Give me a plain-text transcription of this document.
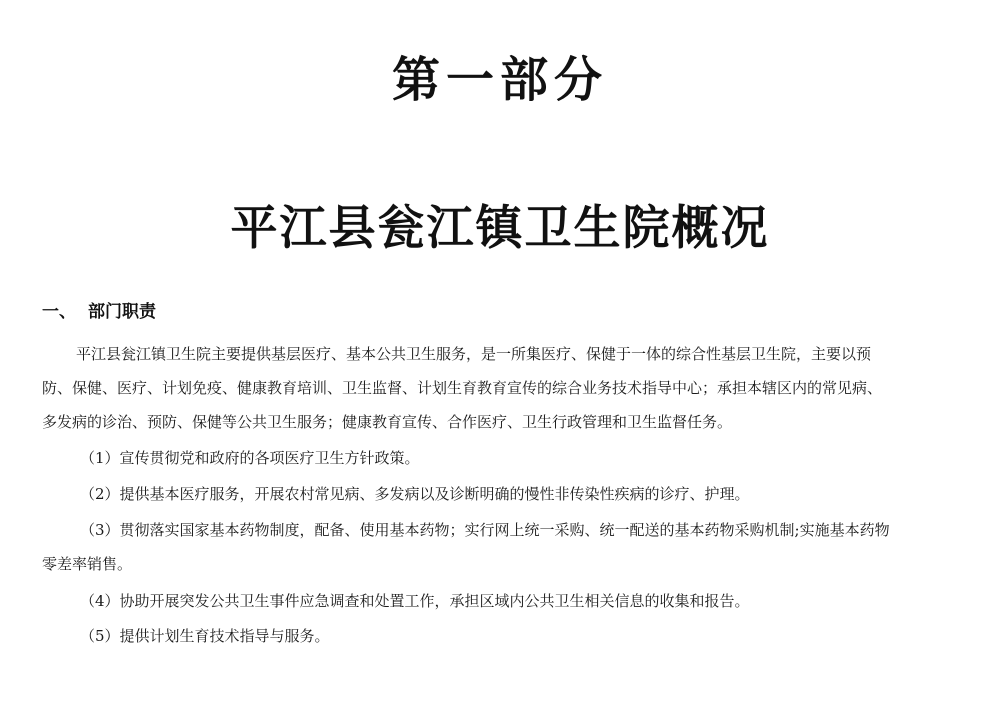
第一部分
平江县瓮江镇卫生院概况
一、 部门职责
平江县瓮江镇卫生院主要提供基层医疗、基本公共卫生服务，是一所集医疗、保健于一体的综合性基层卫生院，主要以预
防、保健、医疗、计划免疫、健康教育培训、卫生监督、计划生育教育宣传的综合业务技术指导中心；承担本辖区内的常见病、
多发病的诊治、预防、保健等公共卫生服务；健康教育宣传、合作医疗、卫生行政管理和卫生监督任务。
（1）宣传贯彻党和政府的各项医疗卫生方针政策。
（2）提供基本医疗服务，开展农村常见病、多发病以及诊断明确的慢性非传染性疾病的诊疗、护理。
（3）贯彻落实国家基本药物制度，配备、使用基本药物；实行网上统一采购、统一配送的基本药物采购机制;实施基本药物
零差率销售。
（4）协助开展突发公共卫生事件应急调查和处置工作，承担区域内公共卫生相关信息的收集和报告。
（5）提供计划生育技术指导与服务。
